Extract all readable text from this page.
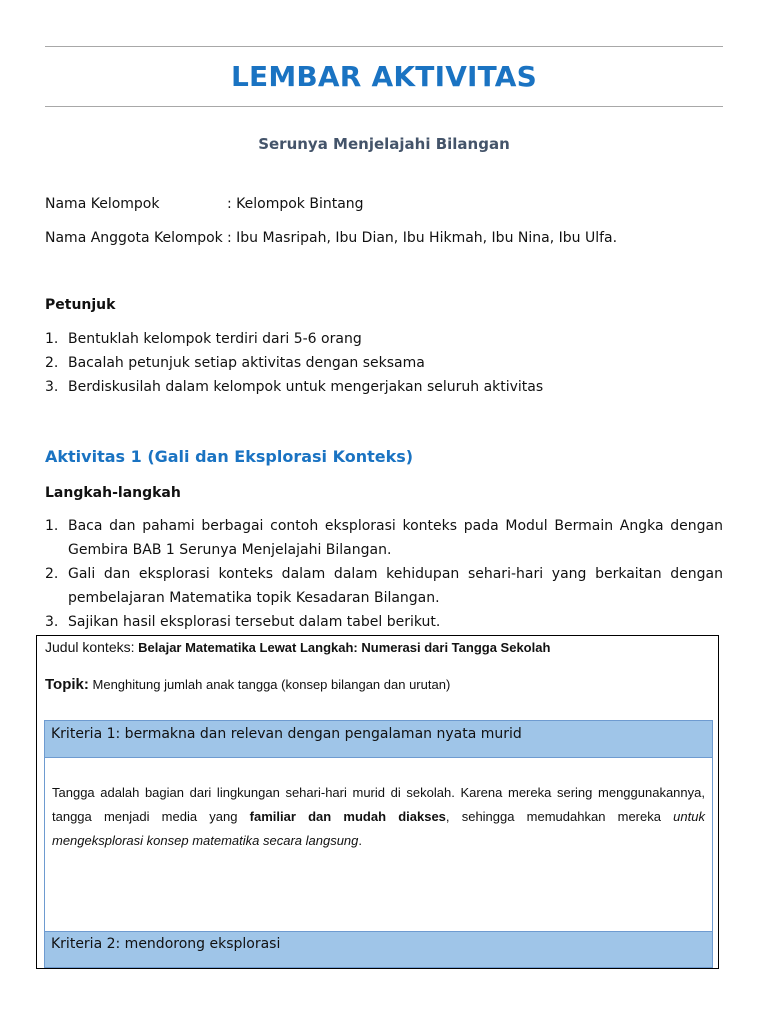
LEMBAR AKTIVITAS
Serunya Menjelajahi Bilangan
Nama Kelompok	: Kelompok Bintang
Nama Anggota Kelompok : Ibu Masripah, Ibu Dian, Ibu Hikmah, Ibu Nina, Ibu Ulfa.
Petunjuk
1. Bentuklah kelompok terdiri dari 5-6 orang
2. Bacalah petunjuk setiap aktivitas dengan seksama
3. Berdiskusilah dalam kelompok untuk mengerjakan seluruh aktivitas
Aktivitas 1 (Gali dan Eksplorasi Konteks)
Langkah-langkah
1. Baca dan pahami berbagai contoh eksplorasi konteks pada Modul Bermain Angka dengan Gembira BAB 1 Serunya Menjelajahi Bilangan.
2. Gali dan eksplorasi konteks dalam dalam kehidupan sehari-hari yang berkaitan dengan pembelajaran Matematika topik Kesadaran Bilangan.
3. Sajikan hasil eksplorasi tersebut dalam tabel berikut.
Judul konteks: Belajar Matematika Lewat Langkah: Numerasi dari Tangga Sekolah
Topik: Menghitung jumlah anak tangga (konsep bilangan dan urutan)
Kriteria 1: bermakna dan relevan dengan pengalaman nyata murid
Tangga adalah bagian dari lingkungan sehari-hari murid di sekolah. Karena mereka sering menggunakannya, tangga menjadi media yang familiar dan mudah diakses, sehingga memudahkan mereka untuk mengeksplorasi konsep matematika secara langsung.
Kriteria 2: mendorong eksplorasi
